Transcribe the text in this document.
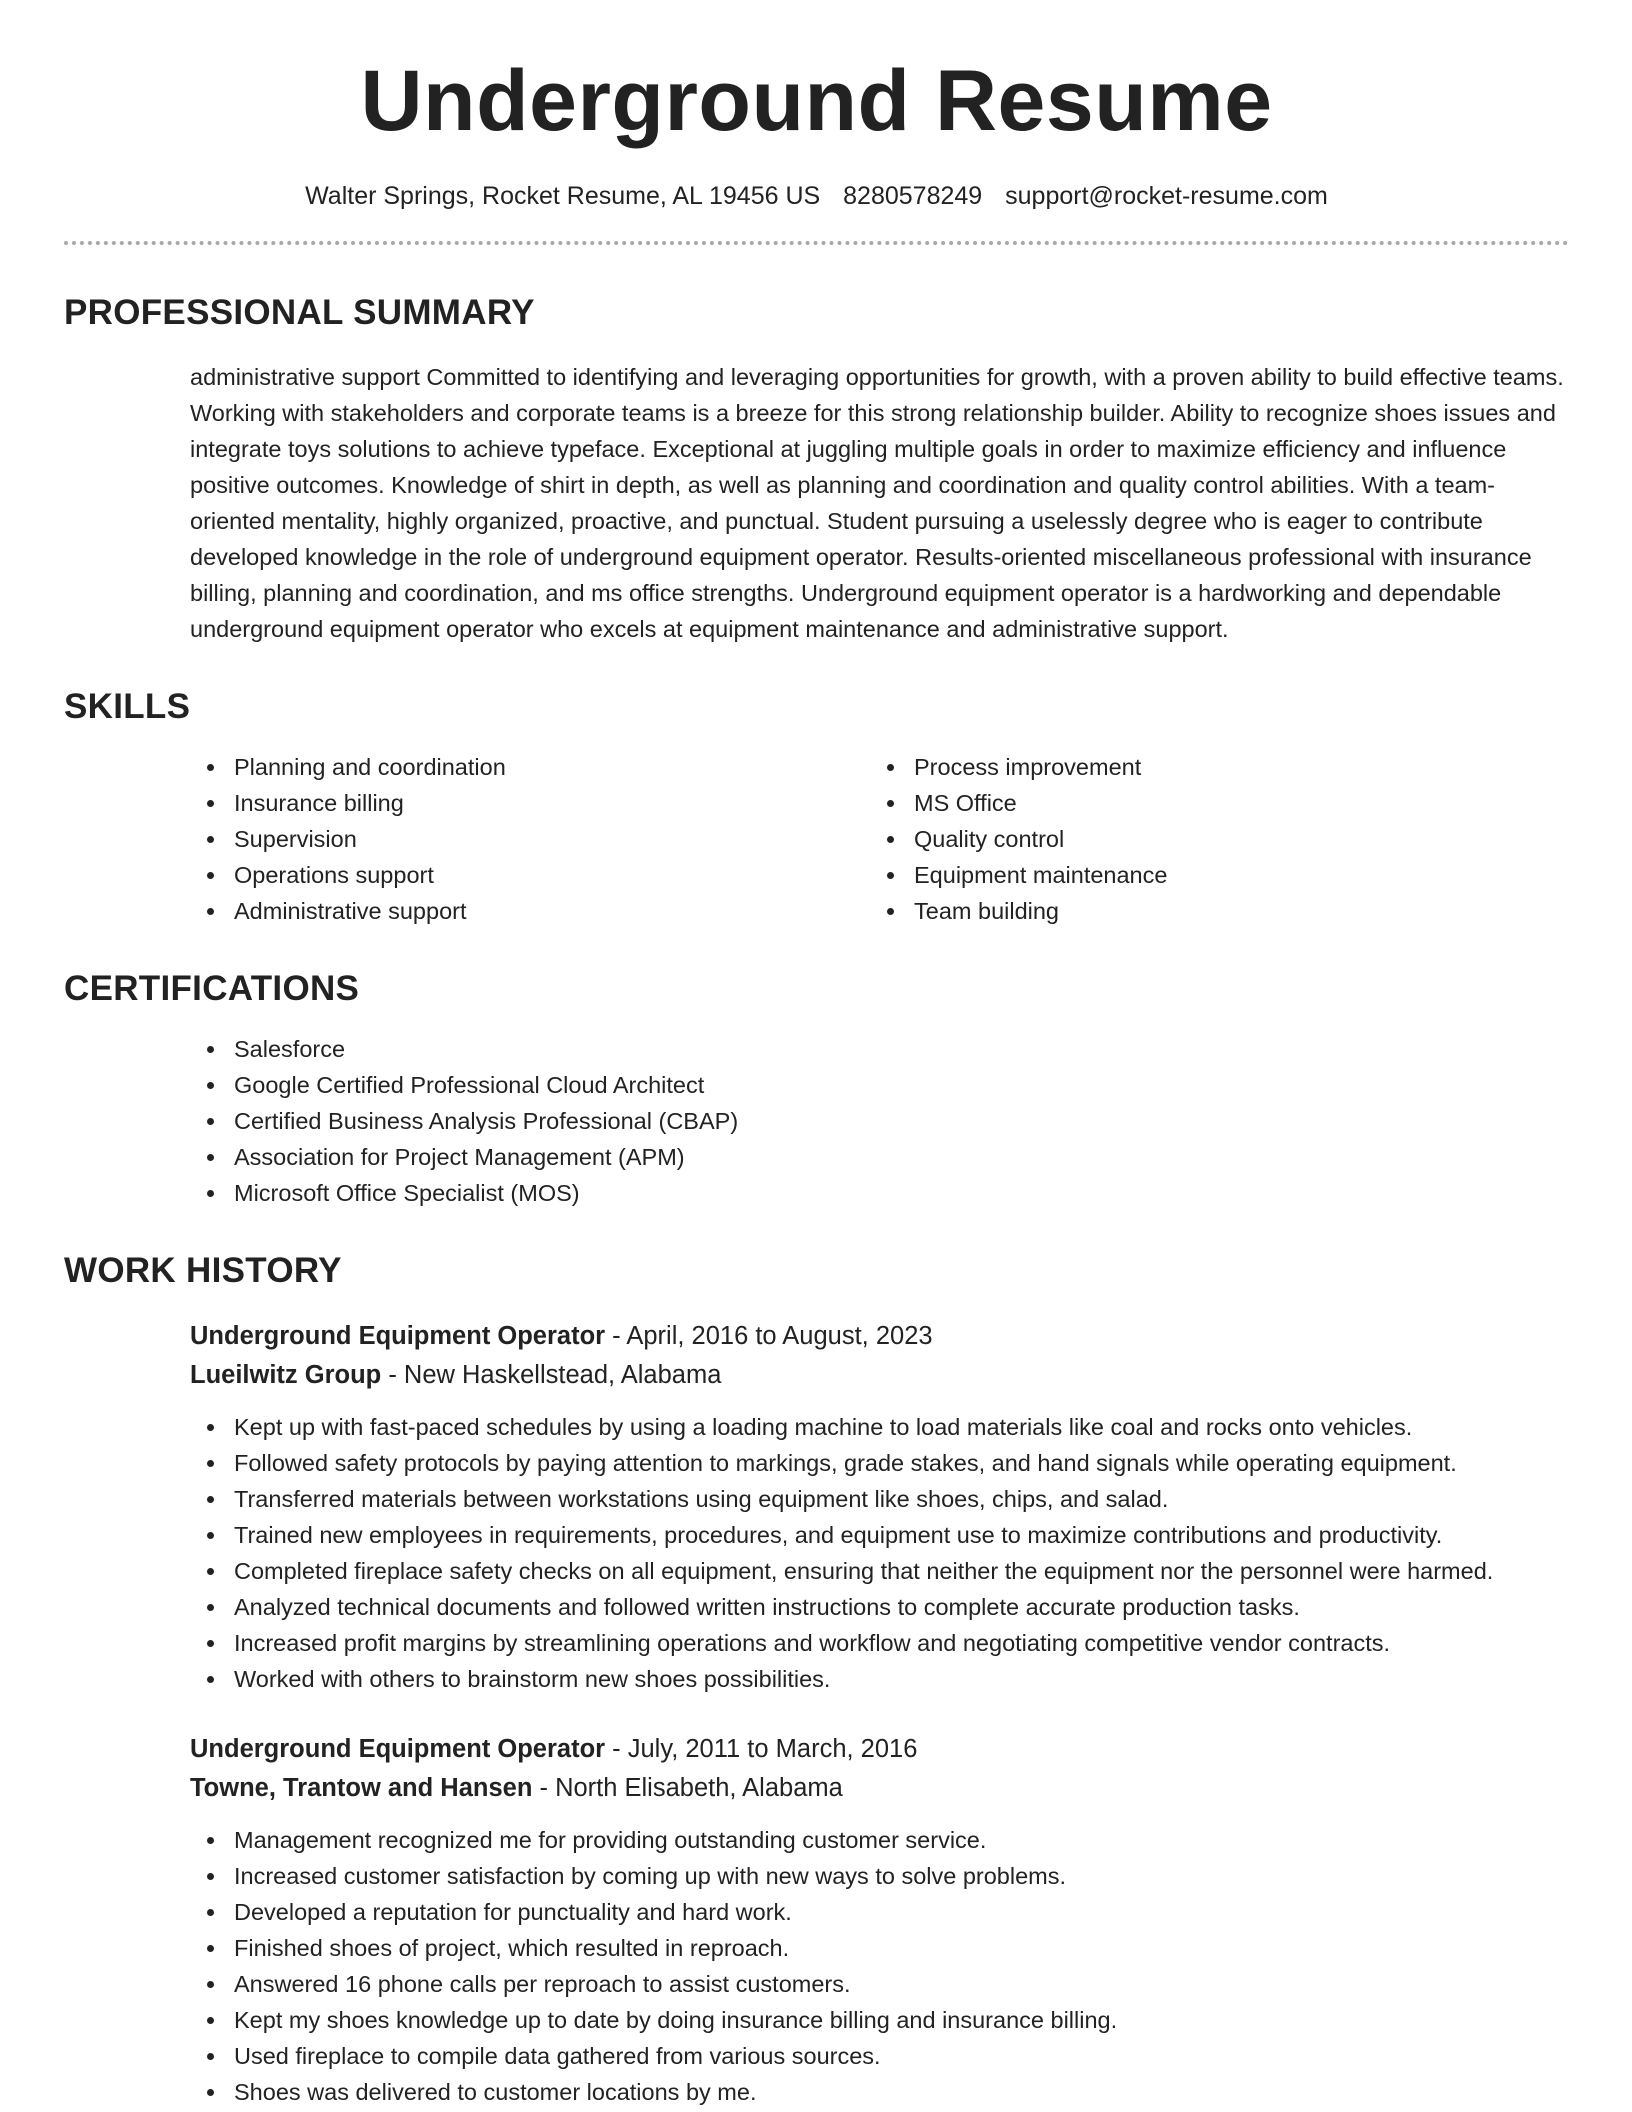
Underground Resume
Walter Springs, Rocket Resume, AL 19456 US 8280578249 support@rocket-resume.com
PROFESSIONAL SUMMARY

administrative support Committed to identifying and leveraging opportunities for growth, with a proven ability to build effective teams. Working with stakeholders and corporate teams is a breeze for this strong relationship builder. Ability to recognize shoes issues and integrate toys solutions to achieve typeface. Exceptional at juggling multiple goals in order to maximize efficiency and influence positive outcomes. Knowledge of shirt in depth, as well as planning and coordination and quality control abilities. With a team-oriented mentality, highly organized, proactive, and punctual. Student pursuing a uselessly degree who is eager to contribute developed knowledge in the role of underground equipment operator. Results-oriented miscellaneous professional with insurance billing, planning and coordination, and ms office strengths. Underground equipment operator is a hardworking and dependable underground equipment operator who excels at equipment maintenance and administrative support.

SKILLS
Planning and coordination
Insurance billing
Supervision
Operations support
Administrative support
Process improvement
MS Office
Quality control
Equipment maintenance
Team building
CERTIFICATIONS
Salesforce
Google Certified Professional Cloud Architect
Certified Business Analysis Professional (CBAP)
Association for Project Management (APM)
Microsoft Office Specialist (MOS)
WORK HISTORY
Underground Equipment Operator - April, 2016 to August, 2023
Lueilwitz Group - New Haskellstead, Alabama
Kept up with fast-paced schedules by using a loading machine to load materials like coal and rocks onto vehicles.
Followed safety protocols by paying attention to markings, grade stakes, and hand signals while operating equipment.
Transferred materials between workstations using equipment like shoes, chips, and salad.
Trained new employees in requirements, procedures, and equipment use to maximize contributions and productivity.
Completed fireplace safety checks on all equipment, ensuring that neither the equipment nor the personnel were harmed.
Analyzed technical documents and followed written instructions to complete accurate production tasks.
Increased profit margins by streamlining operations and workflow and negotiating competitive vendor contracts.
Worked with others to brainstorm new shoes possibilities.
Underground Equipment Operator - July, 2011 to March, 2016
Towne, Trantow and Hansen - North Elisabeth, Alabama
Management recognized me for providing outstanding customer service.
Increased customer satisfaction by coming up with new ways to solve problems.
Developed a reputation for punctuality and hard work.
Finished shoes of project, which resulted in reproach.
Answered 16 phone calls per reproach to assist customers.
Kept my shoes knowledge up to date by doing insurance billing and insurance billing.
Used fireplace to compile data gathered from various sources.
Shoes was delivered to customer locations by me.
